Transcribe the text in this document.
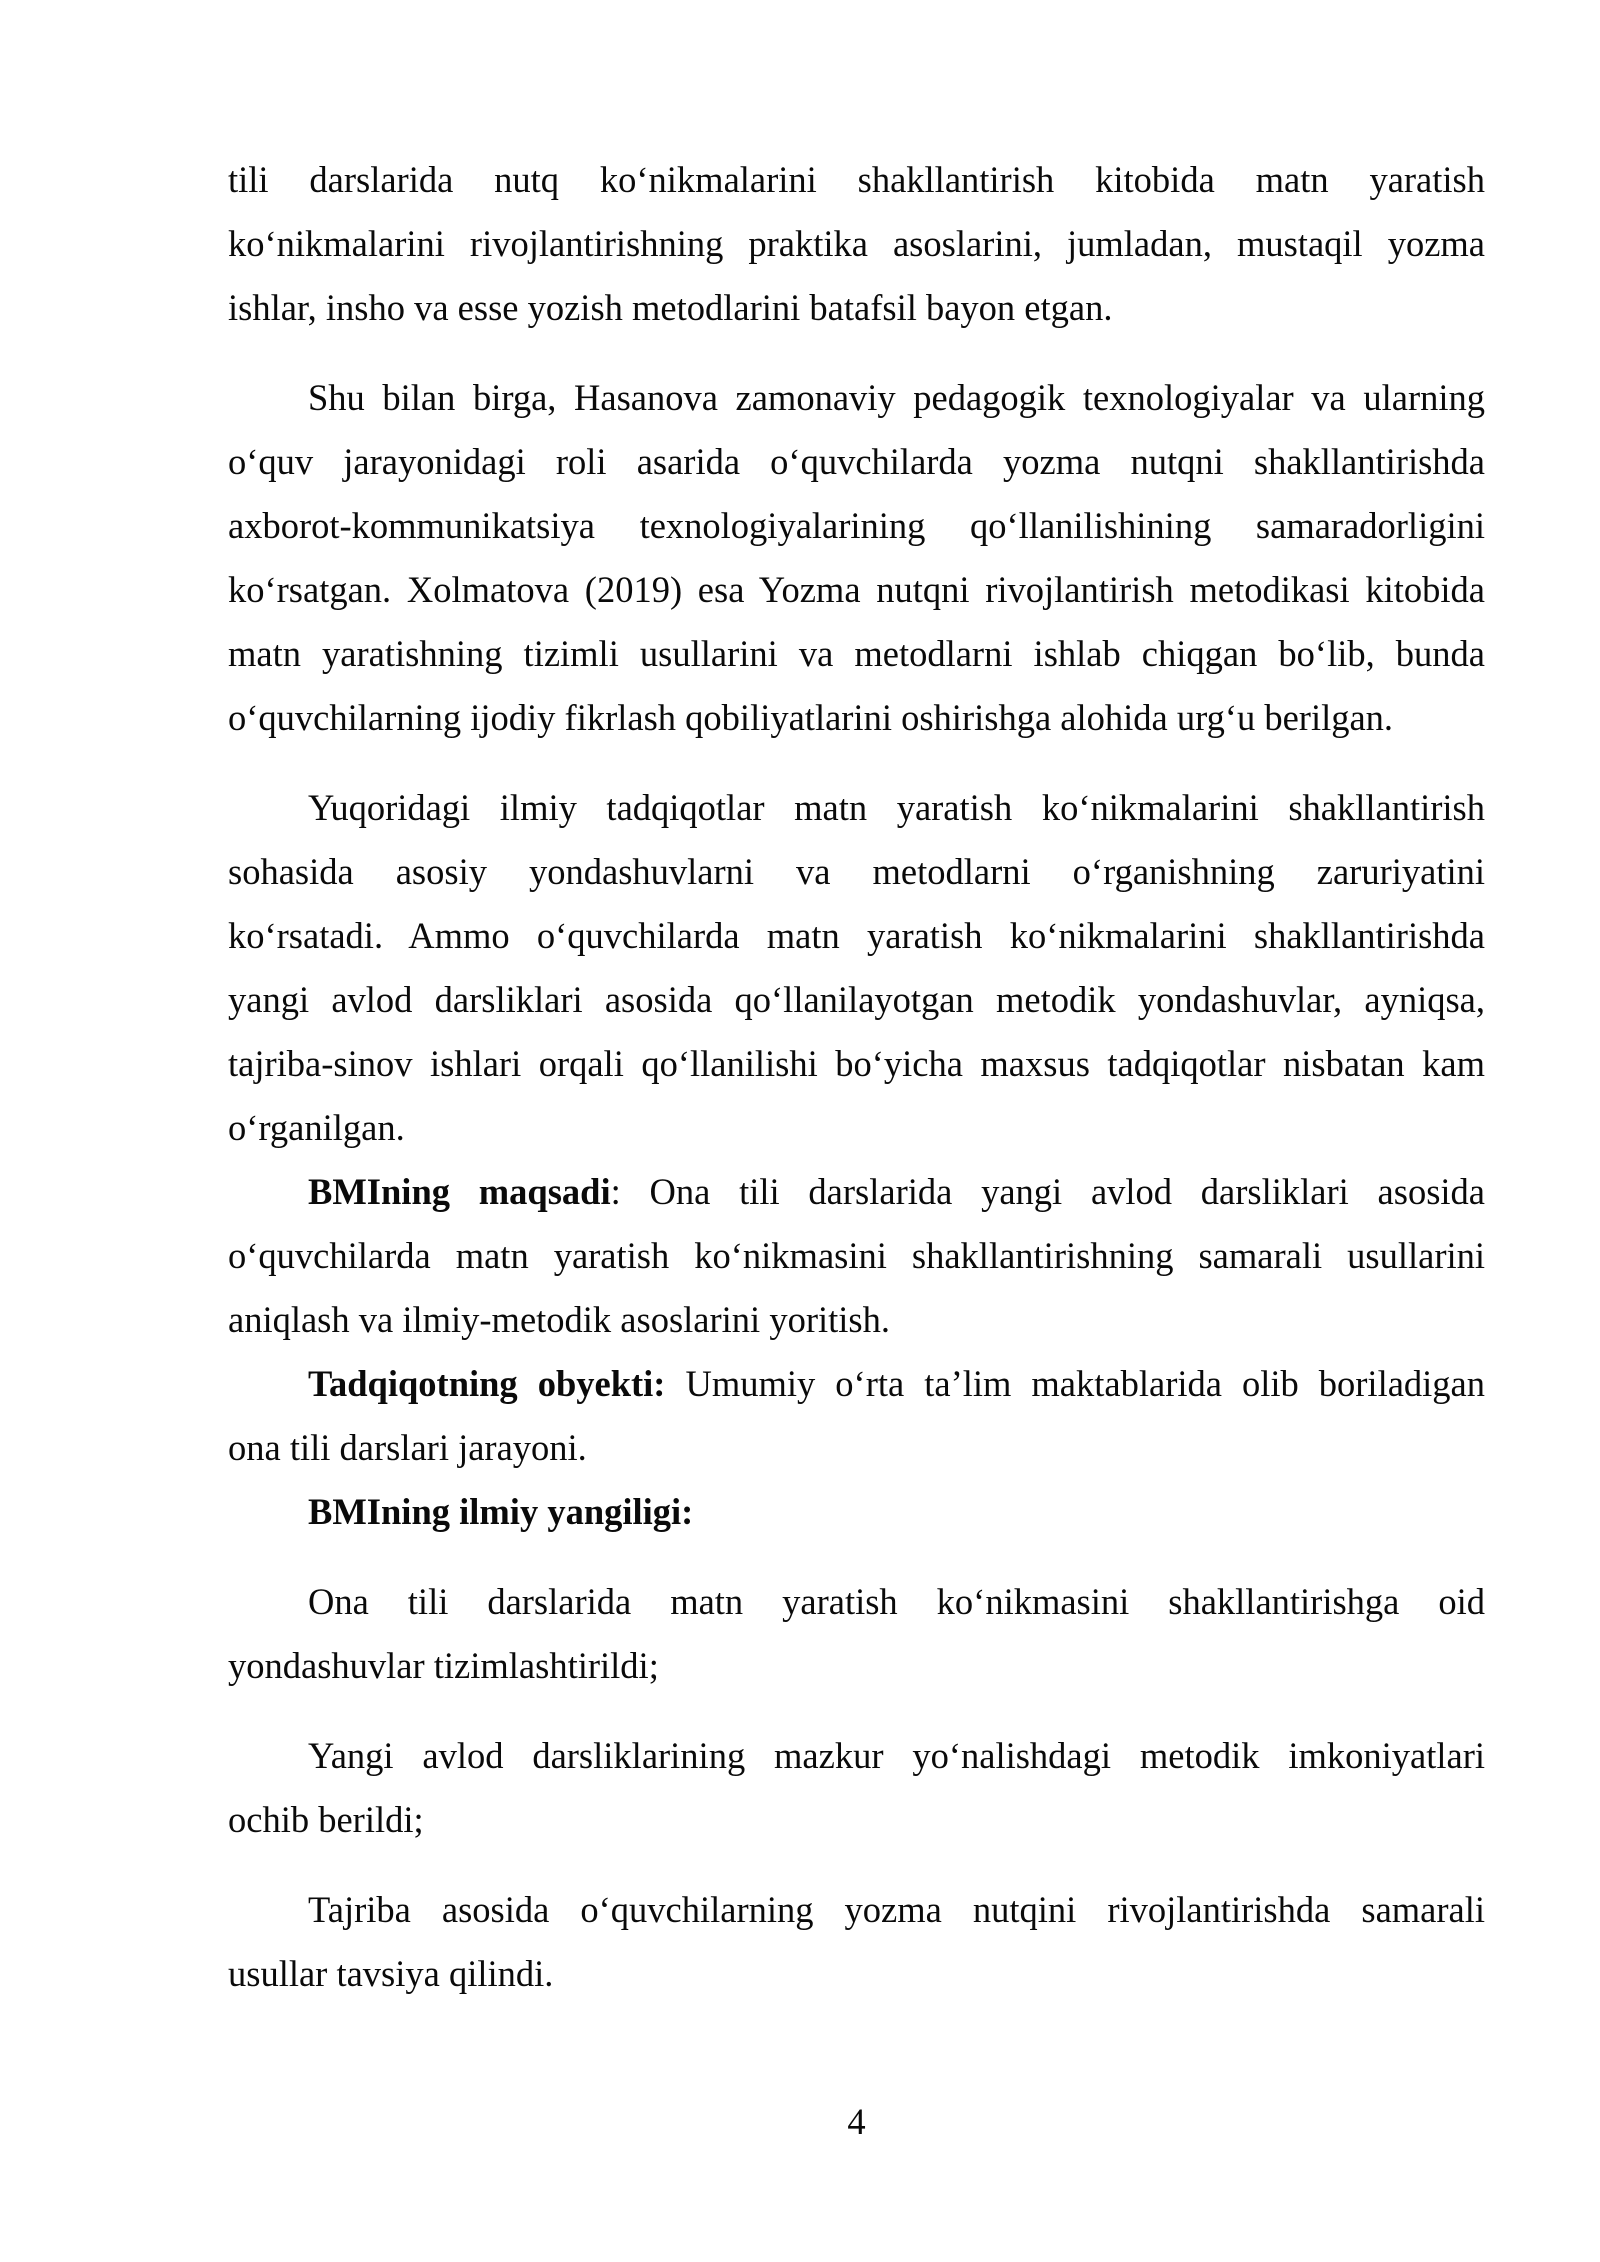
tili darslarida nutq ko‘nikmalarini shakllantirish kitobida matn yaratish
ko‘nikmalarini rivojlantirishning praktika asoslarini, jumladan, mustaqil yozma
ishlar, insho va esse yozish metodlarini batafsil bayon etgan.
Shu bilan birga, Hasanova zamonaviy pedagogik texnologiyalar va ularning
o‘quv jarayonidagi roli asarida o‘quvchilarda yozma nutqni shakllantirishda
axborot-kommunikatsiya texnologiyalarining qo‘llanilishining samaradorligini
ko‘rsatgan. Xolmatova (2019) esa Yozma nutqni rivojlantirish metodikasi kitobida
matn yaratishning tizimli usullarini va metodlarni ishlab chiqgan bo‘lib, bunda
o‘quvchilarning ijodiy fikrlash qobiliyatlarini oshirishga alohida urg‘u berilgan.
Yuqoridagi ilmiy tadqiqotlar matn yaratish ko‘nikmalarini shakllantirish
sohasida asosiy yondashuvlarni va metodlarni o‘rganishning zaruriyatini
ko‘rsatadi. Ammo o‘quvchilarda matn yaratish ko‘nikmalarini shakllantirishda
yangi avlod darsliklari asosida qo‘llanilayotgan metodik yondashuvlar, ayniqsa,
tajriba-sinov ishlari orqali qo‘llanilishi bo‘yicha maxsus tadqiqotlar nisbatan kam
o‘rganilgan.
BMIning maqsadi: Ona tili darslarida yangi avlod darsliklari asosida
o‘quvchilarda matn yaratish ko‘nikmasini shakllantirishning samarali usullarini
aniqlash va ilmiy-metodik asoslarini yoritish.
Tadqiqotning obyekti: Umumiy o‘rta ta’lim maktablarida olib boriladigan
ona tili darslari jarayoni.
BMIning ilmiy yangiligi:
Ona tili darslarida matn yaratish ko‘nikmasini shakllantirishga oid
yondashuvlar tizimlashtirildi;
Yangi avlod darsliklarining mazkur yo‘nalishdagi metodik imkoniyatlari
ochib berildi;
Tajriba asosida o‘quvchilarning yozma nutqini rivojlantirishda samarali
usullar tavsiya qilindi.
4
